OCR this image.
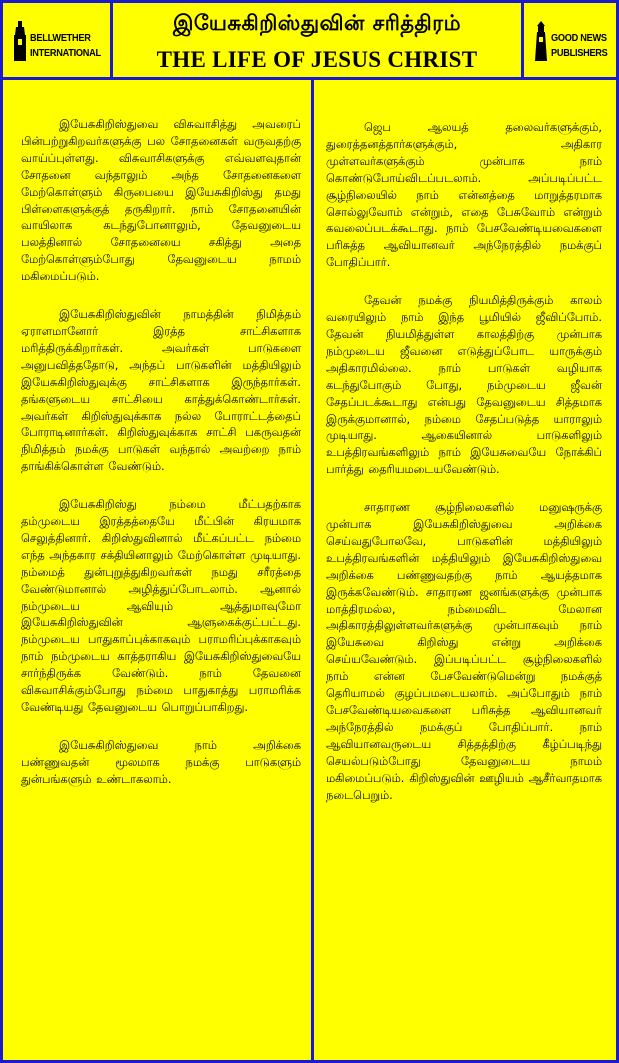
BELLWETHER
INTERNATIONAL
இயேசுகிறிஸ்துவின் சரித்திரம்
THE LIFE OF JESUS CHRIST
GOOD NEWS
PUBLISHERS

இயேசுகிறிஸ்துவை விசுவாசித்து அவரைப் பின்பற்றுகிறவர்களுக்கு பல சோதனைகள் வருவதற்கு வாய்ப்புள்ளது. விசுவாசிகளுக்கு எவ்வளவுதான் சோதனை வந்தாலும் அந்த சோதனைகளை மேற்கொள்ளும் கிருபையை இயேசுகிறிஸ்து தமது பிள்ளைகளுக்குத் தருகிறார். நாம் சோதனையின் வாயிலாக கடந்துபோனாலும், தேவனுடைய பலத்தினால் சோதனையை சகித்து அதை மேற்கொள்ளும்போது தேவனுடைய நாமம் மகிமைப்படும்.

இயேசுகிறிஸ்துவின் நாமத்தின் நிமித்தம் ஏராளமானோர் இரத்த சாட்சிகளாக மரித்திருக்கிறார்கள். அவர்கள் பாடுகளை அனுபவித்ததோடு, அந்தப் பாடுகளின் மத்தியிலும் இயேசுகிறிஸ்துவுக்கு சாட்சிகளாக இருந்தார்கள். தங்களுடைய சாட்சியை காத்துக்கொண்டார்கள். அவர்கள் கிறிஸ்துவுக்காக நல்ல போராட்டத்தைப் போராடினார்கள். கிறிஸ்துவுக்காக சாட்சி பகருவதன் நிமித்தம் நமக்கு பாடுகள் வந்தால் அவற்றை நாம் தாங்கிக்கொள்ள வேண்டும்.

இயேசுகிறிஸ்து நம்மை மீட்பதற்காக தம்முடைய இரத்தத்தையே மீட்பின் கிரயமாக செலுத்தினார். கிறிஸ்துவினால் மீட்கப்பட்ட நம்மை எந்த அந்தகார சக்தியினாலும் மேற்கொள்ள முடியாது. நம்மைத் துன்புறுத்துகிறவர்கள் நமது சரீரத்தை வேண்டுமானால் அழித்துப்போடலாம். ஆனால் நம்முடைய ஆவியும் ஆத்துமாவுமோ இயேசுகிறிஸ்துவின் ஆளுகைக்குட்பட்டது. நம்முடைய பாதுகாப்புக்காகவும் பராமரிப்புக்காகவும் நாம் நம்முடைய காத்தராகிய இயேசுகிறிஸ்துவையே சார்ந்திருக்க வேண்டும். நாம் தேவனை விசுவாசிக்கும்போது நம்மை பாதுகாத்து பராமரிக்க வேண்டியது தேவனுடைய பொறுப்பாகிறது.

இயேசுகிறிஸ்துவை நாம் அறிக்கை பண்ணுவதன் மூலமாக நமக்கு பாடுகளும் துன்பங்களும் உண்டாகலாம்.

ஜெப ஆலயத் தலைவர்களுக்கும், துரைத்தனத்தார்களுக்கும், அதிகார முள்ளவர்களுக்கும் முன்பாக நாம் கொண்டுபோய்விடப்படலாம். அப்படிப்பட்ட சூழ்நிலையில் நாம் என்னத்தை மாறுத்தரமாக சொல்லுவோம் என்றும், எதை பேசுவோம் என்றும் கவலைப்படக்கூடாது. நாம் பேசவேண்டியவைகளை பரிசுத்த ஆவியானவர் அந்நேரத்தில் நமக்குப் போதிப்பார்.

தேவன் நமக்கு நியமித்திருக்கும் காலம் வரையிலும் நாம் இந்த பூமியில் ஜீவிப்போம். தேவன் நியமித்துள்ள காலத்திற்கு முன்பாக நம்முடைய ஜீவனை எடுத்துப்போட யாருக்கும் அதிகாரமில்லை. நாம் பாடுகள் வழியாக கடந்துபோகும் போது, நம்முடைய ஜீவன் சேதப்படக்கூடாது என்பது தேவனுடைய சித்தமாக இருக்குமானால், நம்மை சேதப்படுத்த யாராலும் முடியாது. ஆகையினால் பாடுகளிலும் உபத்திரவங்களிலும் நாம் இயேசுவையே நோக்கிப் பார்த்து தைரியமடையவேண்டும்.

சாதாரண சூழ்நிலைகளில் மனுஷருக்கு முன்பாக இயேசுகிறிஸ்துவை அறிக்கை செய்வதுபோலவே, பாடுகளின் மத்தியிலும் உபத்திரவங்களின் மத்தியிலும் இயேசுகிறிஸ்துவை அறிக்கை பண்ணுவதற்கு நாம் ஆயத்தமாக இருக்கவேண்டும். சாதாரண ஜனங்களுக்கு முன்பாக மாத்திரமல்ல, நம்மைவிட மேலான அதிகாரத்திலுள்ளவர்களுக்கு முன்பாகவும் நாம் இயேசுவை கிறிஸ்து என்று அறிக்கை செய்யவேண்டும். இப்படிப்பட்ட சூழ்நிலைகளில் நாம் என்ன பேசவேண்டுமென்று நமக்குத் தெரியாமல் குழப்பமடையலாம். அப்போதும் நாம் பேசவேண்டியவைகளை பரிசுத்த ஆவியானவர் அந்நேரத்தில் நமக்குப் போதிப்பார். நாம் ஆவியானவருடைய சித்தத்திற்கு கீழ்ப்படிந்து செயல்படும்போது தேவனுடைய நாமம் மகிமைப்படும். கிறிஸ்துவின் ஊழியம் ஆசீர்வாதமாக நடைபெறும்.
